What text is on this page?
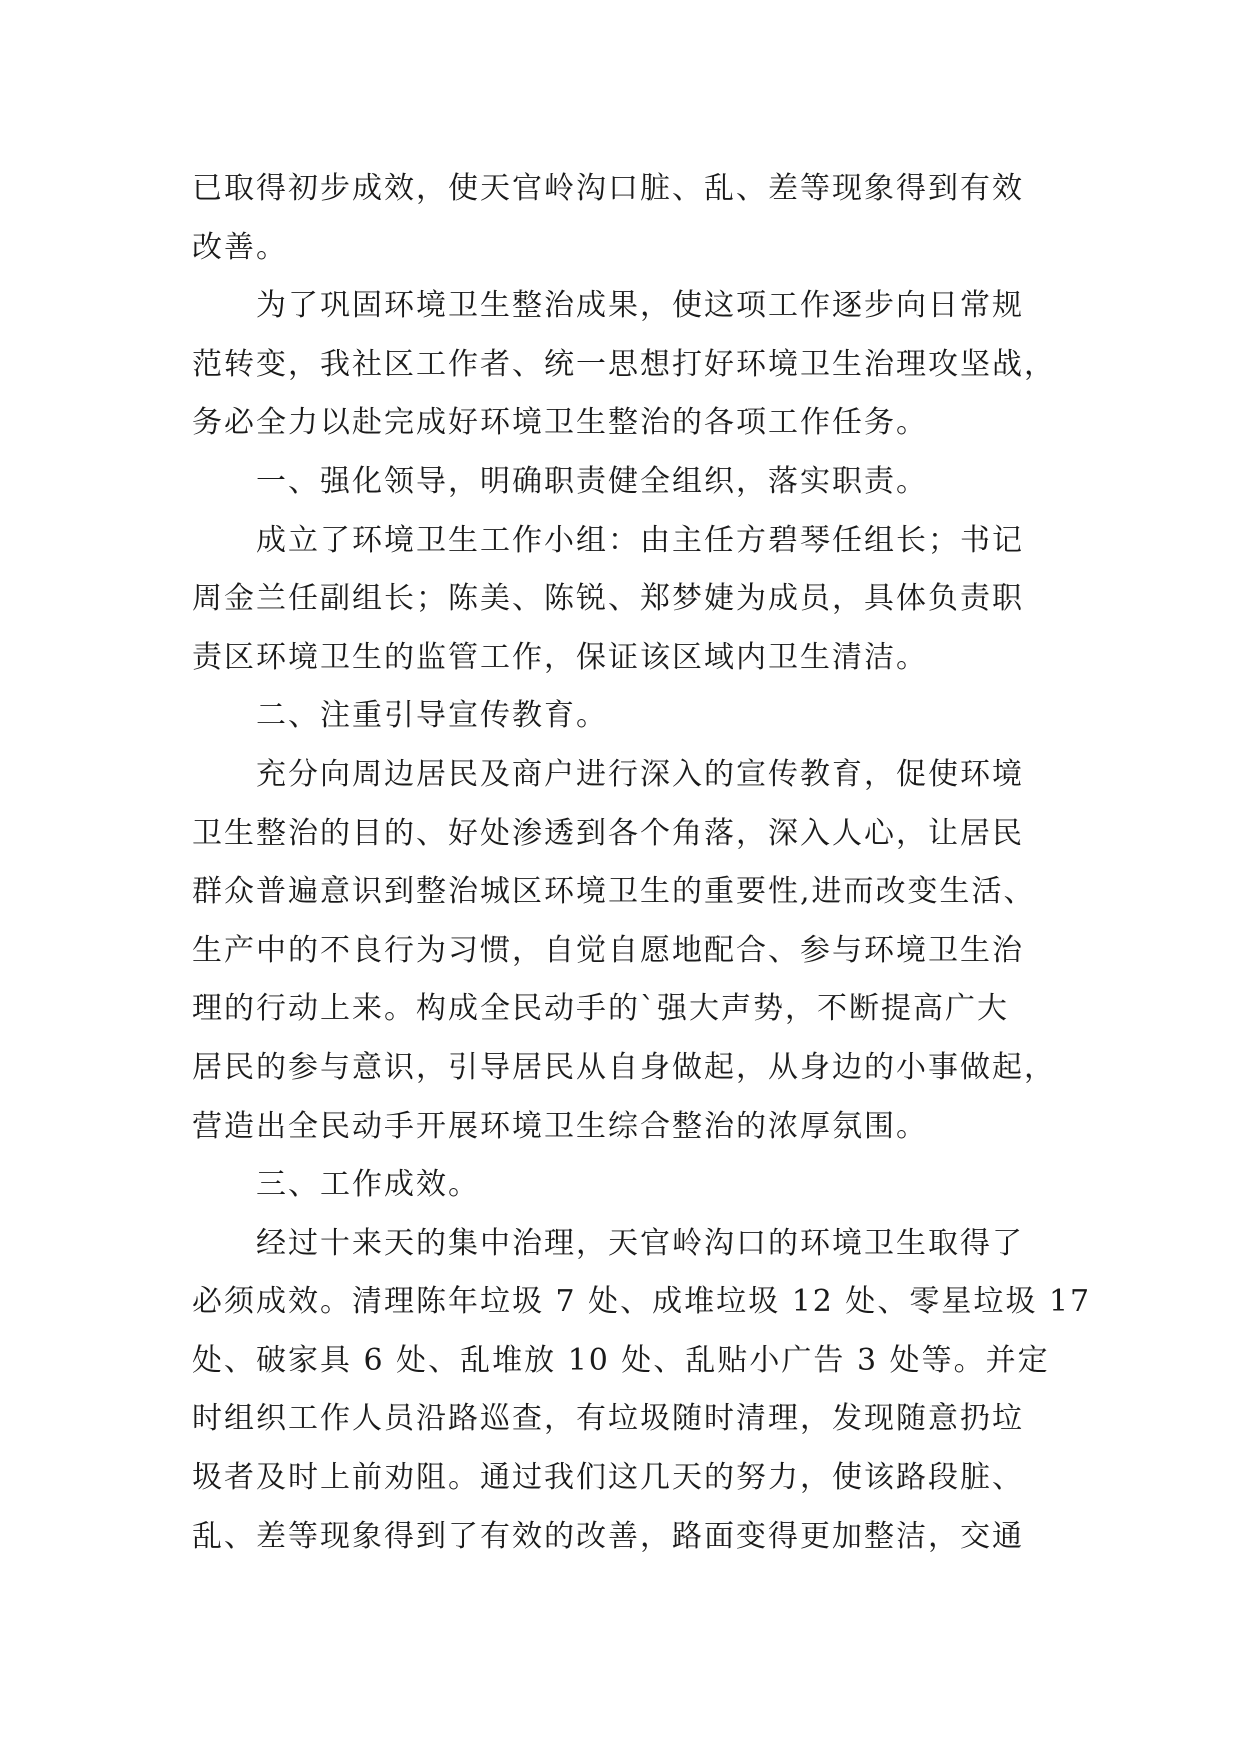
已取得初步成效，使天官岭沟口脏、乱、差等现象得到有效
改善。
为了巩固环境卫生整治成果，使这项工作逐步向日常规
范转变，我社区工作者、统一思想打好环境卫生治理攻坚战，
务必全力以赴完成好环境卫生整治的各项工作任务。
一、强化领导，明确职责健全组织，落实职责。
成立了环境卫生工作小组：由主任方碧琴任组长；书记
周金兰任副组长；陈美、陈锐、郑梦婕为成员，具体负责职
责区环境卫生的监管工作，保证该区域内卫生清洁。
二、注重引导宣传教育。
充分向周边居民及商户进行深入的宣传教育，促使环境
卫生整治的目的、好处渗透到各个角落，深入人心，让居民
群众普遍意识到整治城区环境卫生的重要性,进而改变生活、
生产中的不良行为习惯，自觉自愿地配合、参与环境卫生治
理的行动上来。构成全民动手的`强大声势，不断提高广大
居民的参与意识，引导居民从自身做起，从身边的小事做起，
营造出全民动手开展环境卫生综合整治的浓厚氛围。
三、工作成效。
经过十来天的集中治理，天官岭沟口的环境卫生取得了
必须成效。清理陈年垃圾 7 处、成堆垃圾 12 处、零星垃圾 17
处、破家具 6 处、乱堆放 10 处、乱贴小广告 3 处等。并定
时组织工作人员沿路巡查，有垃圾随时清理，发现随意扔垃
圾者及时上前劝阻。通过我们这几天的努力，使该路段脏、
乱、差等现象得到了有效的改善，路面变得更加整洁，交通
